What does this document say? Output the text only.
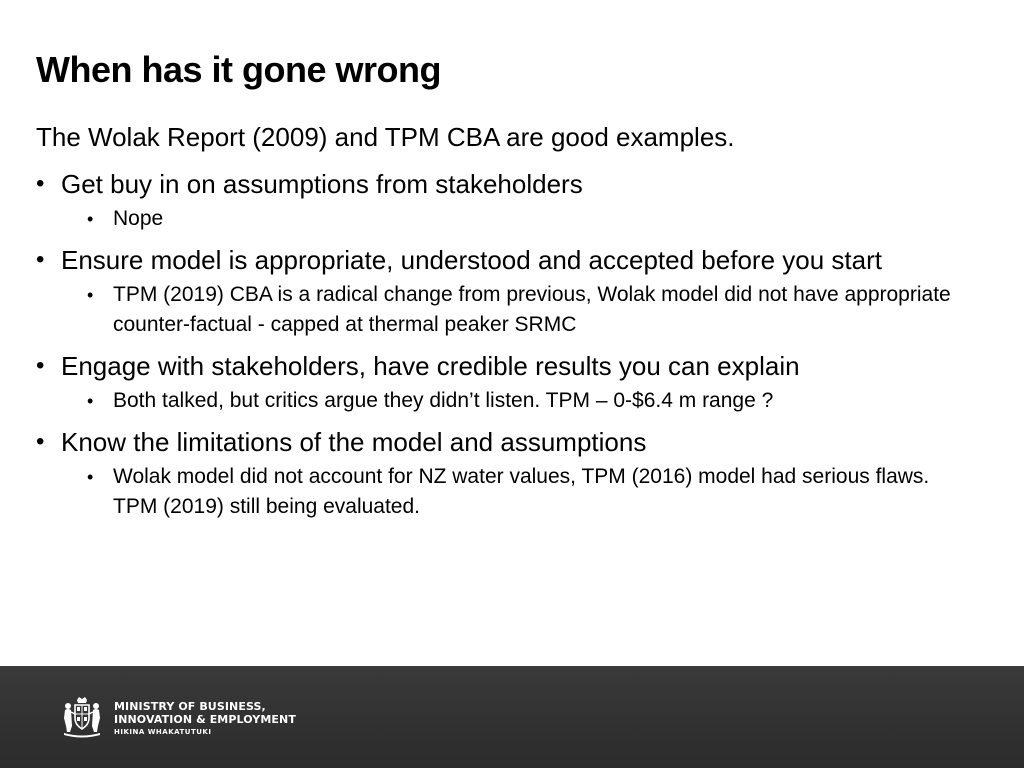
When has it gone wrong
The Wolak Report (2009) and TPM CBA are good examples.
• Get buy in on assumptions from stakeholders
• Nope
• Ensure model is appropriate, understood and accepted before you start
• TPM (2019) CBA is a radical change from previous, Wolak model did not have appropriate counter-factual - capped at thermal peaker SRMC
• Engage with stakeholders, have credible results you can explain
• Both talked, but critics argue they didn’t listen. TPM – 0-$6.4 m range ?
• Know the limitations of the model and assumptions
• Wolak model did not account for NZ water values, TPM (2016) model had serious flaws. TPM (2019) still being evaluated.
MINISTRY OF BUSINESS,
INNOVATION & EMPLOYMENT
HIKINA WHAKATUTUKI
